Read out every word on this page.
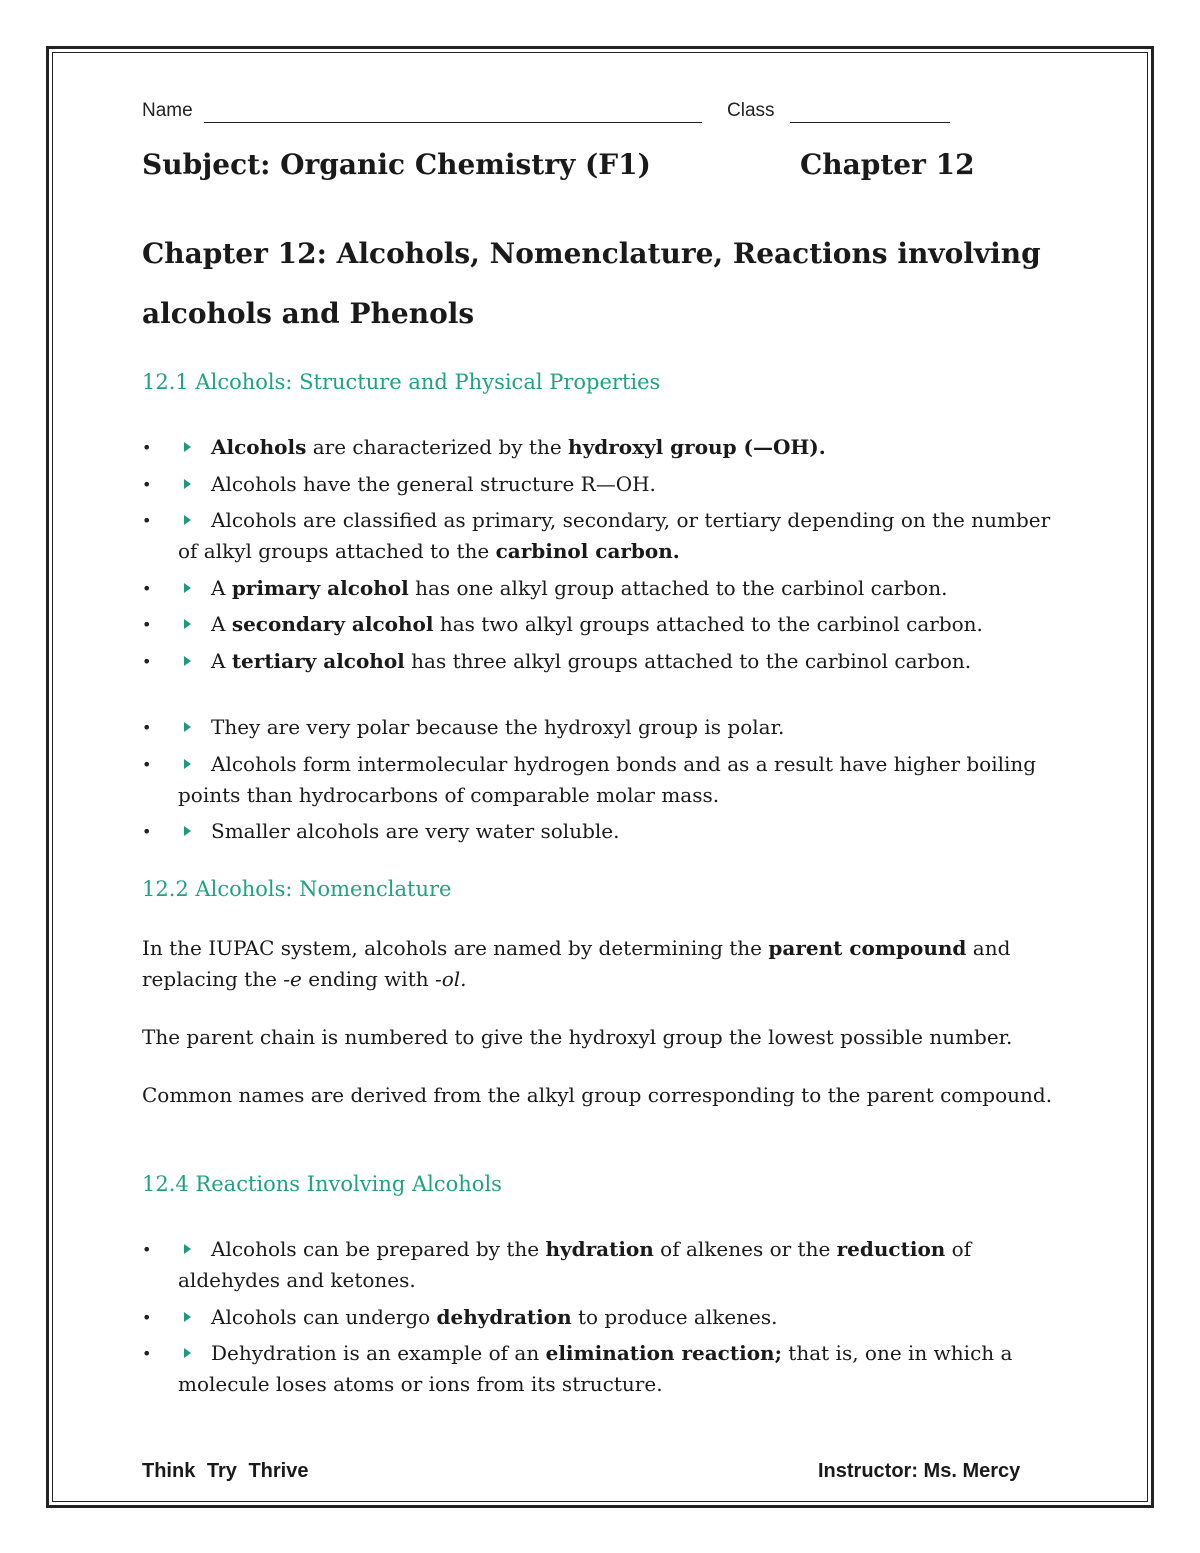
Name	Class
Subject: Organic Chemistry (F1)	Chapter 12
Chapter 12: Alcohols, Nomenclature, Reactions involving alcohols and Phenols
12.1 Alcohols: Structure and Physical Properties
• Alcohols are characterized by the hydroxyl group (—OH).
• Alcohols have the general structure R—OH.
• Alcohols are classified as primary, secondary, or tertiary depending on the number of alkyl groups attached to the carbinol carbon.
• A primary alcohol has one alkyl group attached to the carbinol carbon.
• A secondary alcohol has two alkyl groups attached to the carbinol carbon.
• A tertiary alcohol has three alkyl groups attached to the carbinol carbon.
• They are very polar because the hydroxyl group is polar.
• Alcohols form intermolecular hydrogen bonds and as a result have higher boiling points than hydrocarbons of comparable molar mass.
• Smaller alcohols are very water soluble.
12.2 Alcohols: Nomenclature

In the IUPAC system, alcohols are named by determining the parent compound and replacing the -e ending with -ol.

The parent chain is numbered to give the hydroxyl group the lowest possible number.

Common names are derived from the alkyl group corresponding to the parent compound.

12.4 Reactions Involving Alcohols
• Alcohols can be prepared by the hydration of alkenes or the reduction of aldehydes and ketones.
• Alcohols can undergo dehydration to produce alkenes.
• Dehydration is an example of an elimination reaction; that is, one in which a molecule loses atoms or ions from its structure.
Think Try Thrive	Instructor: Ms. Mercy
